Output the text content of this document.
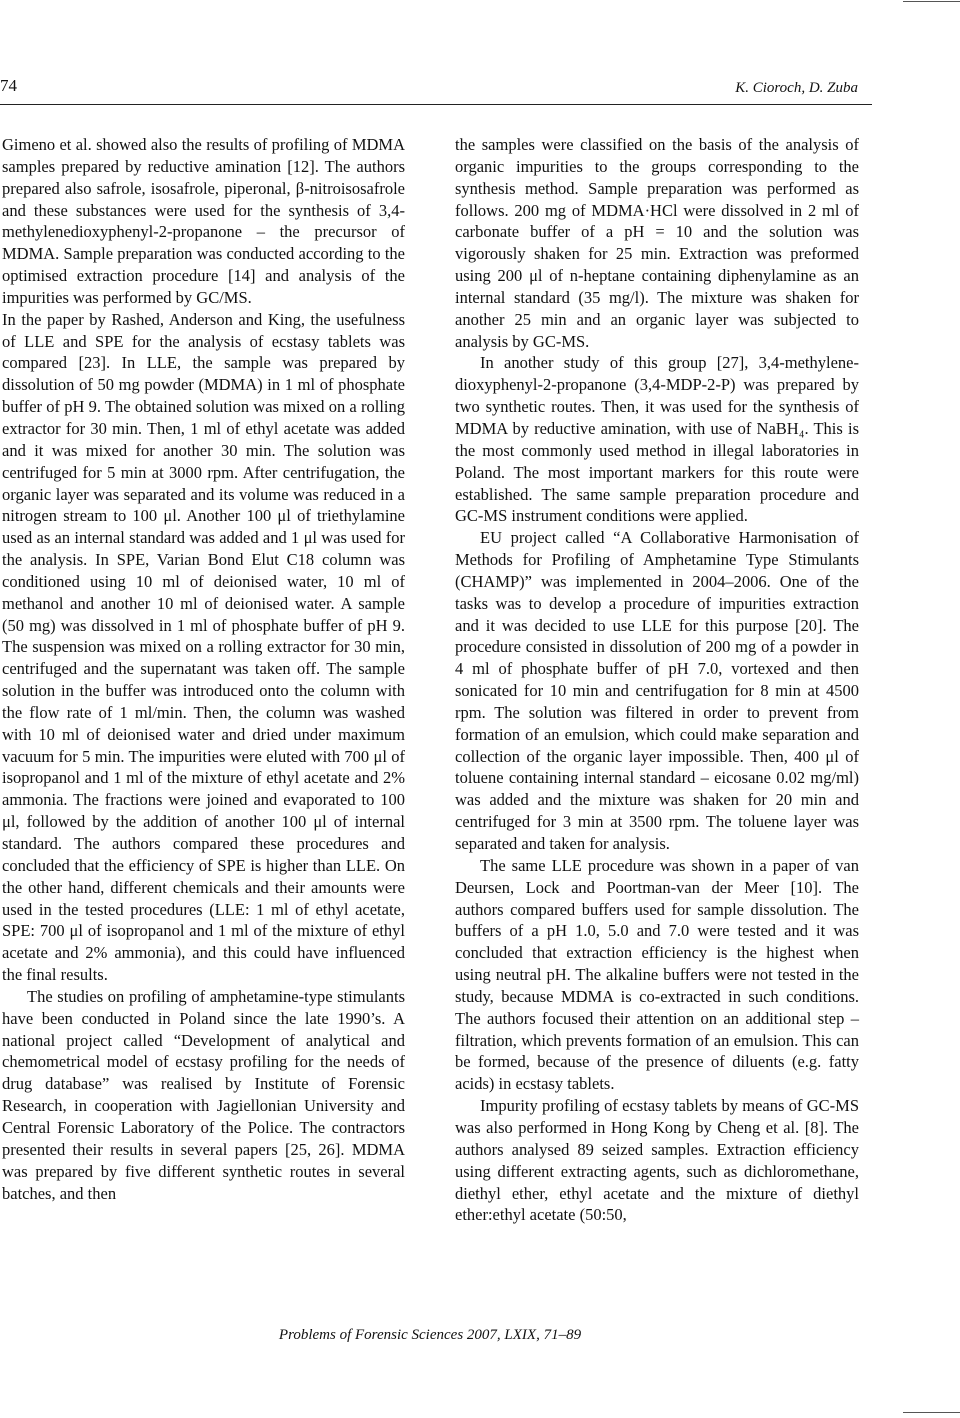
74	K. Cioroch, D. Zuba

Gimeno et al. showed also the results of profiling of MDMA samples prepared by reductive amination [12]. The authors prepared also safrole, isosafrole, piperonal, β-nitroisosafrole and these substances were used for the synthesis of 3,4-methylenedioxyphenyl-2-propanone – the precursor of MDMA. Sample preparation was conducted according to the optimised extraction procedure [14] and analysis of the impurities was performed by GC/MS.

In the paper by Rashed, Anderson and King, the usefulness of LLE and SPE for the analysis of ecstasy tablets was compared [23]. In LLE, the sample was prepared by dissolution of 50 mg powder (MDMA) in 1 ml of phosphate buffer of pH 9. The obtained solution was mixed on a rolling extractor for 30 min. Then, 1 ml of ethyl acetate was added and it was mixed for another 30 min. The solution was centrifuged for 5 min at 3000 rpm. After centrifugation, the organic layer was separated and its volume was reduced in a nitrogen stream to 100 μl. Another 100 μl of triethylamine used as an internal standard was added and 1 μl was used for the analysis. In SPE, Varian Bond Elut C18 column was conditioned using 10 ml of deionised water, 10 ml of methanol and another 10 ml of deionised water. A sample (50 mg) was dissolved in 1 ml of phosphate buffer of pH 9. The suspension was mixed on a rolling extractor for 30 min, centrifuged and the supernatant was taken off. The sample solution in the buffer was introduced onto the column with the flow rate of 1 ml/min. Then, the column was washed with 10 ml of deionised water and dried under maximum vacuum for 5 min. The impurities were eluted with 700 μl of isopropanol and 1 ml of the mixture of ethyl acetate and 2% ammonia. The fractions were joined and evaporated to 100 μl, followed by the addition of another 100 μl of internal standard. The authors compared these procedures and concluded that the efficiency of SPE is higher than LLE. On the other hand, different chemicals and their amounts were used in the tested procedures (LLE: 1 ml of ethyl acetate, SPE: 700 μl of isopropanol and 1 ml of the mixture of ethyl acetate and 2% ammonia), and this could have influenced the final results.

The studies on profiling of amphetamine-type stimulants have been conducted in Poland since the late 1990’s. A national project called “Development of analytical and chemometrical model of ecstasy profiling for the needs of drug database” was realised by Institute of Forensic Research, in cooperation with Jagiellonian University and Central Forensic Laboratory of the Police. The contractors presented their results in several papers [25, 26]. MDMA was prepared by five different synthetic routes in several batches, and then

the samples were classified on the basis of the analysis of organic impurities to the groups corresponding to the synthesis method. Sample preparation was performed as follows. 200 mg of MDMA·HCl were dissolved in 2 ml of carbonate buffer of a pH = 10 and the solution was vigorously shaken for 25 min. Extraction was preformed using 200 μl of n-heptane containing diphenylamine as an internal standard (35 mg/l). The mixture was shaken for another 25 min and an organic layer was subjected to analysis by GC-MS.

In another study of this group [27], 3,4-methylenedioxyphenyl-2-propanone (3,4-MDP-2-P) was prepared by two synthetic routes. Then, it was used for the synthesis of MDMA by reductive amination, with use of NaBH₄. This is the most commonly used method in illegal laboratories in Poland. The most important markers for this route were established. The same sample preparation procedure and GC-MS instrument conditions were applied.

EU project called “A Collaborative Harmonisation of Methods for Profiling of Amphetamine Type Stimulants (CHAMP)” was implemented in 2004–2006. One of the tasks was to develop a procedure of impurities extraction and it was decided to use LLE for this purpose [20]. The procedure consisted in dissolution of 200 mg of a powder in 4 ml of phosphate buffer of pH 7.0, vortexed and then sonicated for 10 min and centrifugation for 8 min at 4500 rpm. The solution was filtered in order to prevent from formation of an emulsion, which could make separation and collection of the organic layer impossible. Then, 400 μl of toluene containing internal standard – eicosane 0.02 mg/ml) was added and the mixture was shaken for 20 min and centrifuged for 3 min at 3500 rpm. The toluene layer was separated and taken for analysis.

The same LLE procedure was shown in a paper of van Deursen, Lock and Poortman-van der Meer [10]. The authors compared buffers used for sample dissolution. The buffers of a pH 1.0, 5.0 and 7.0 were tested and it was concluded that extraction efficiency is the highest when using neutral pH. The alkaline buffers were not tested in the study, because MDMA is co-extracted in such conditions. The authors focused their attention on an additional step – filtration, which prevents formation of an emulsion. This can be formed, because of the presence of diluents (e.g. fatty acids) in ecstasy tablets.

Impurity profiling of ecstasy tablets by means of GC-MS was also performed in Hong Kong by Cheng et al. [8]. The authors analysed 89 seized samples. Extraction efficiency using different extracting agents, such as dichloromethane, diethyl ether, ethyl acetate and the mixture of diethyl ether:ethyl acetate (50:50,

Problems of Forensic Sciences 2007, LXIX, 71–89
